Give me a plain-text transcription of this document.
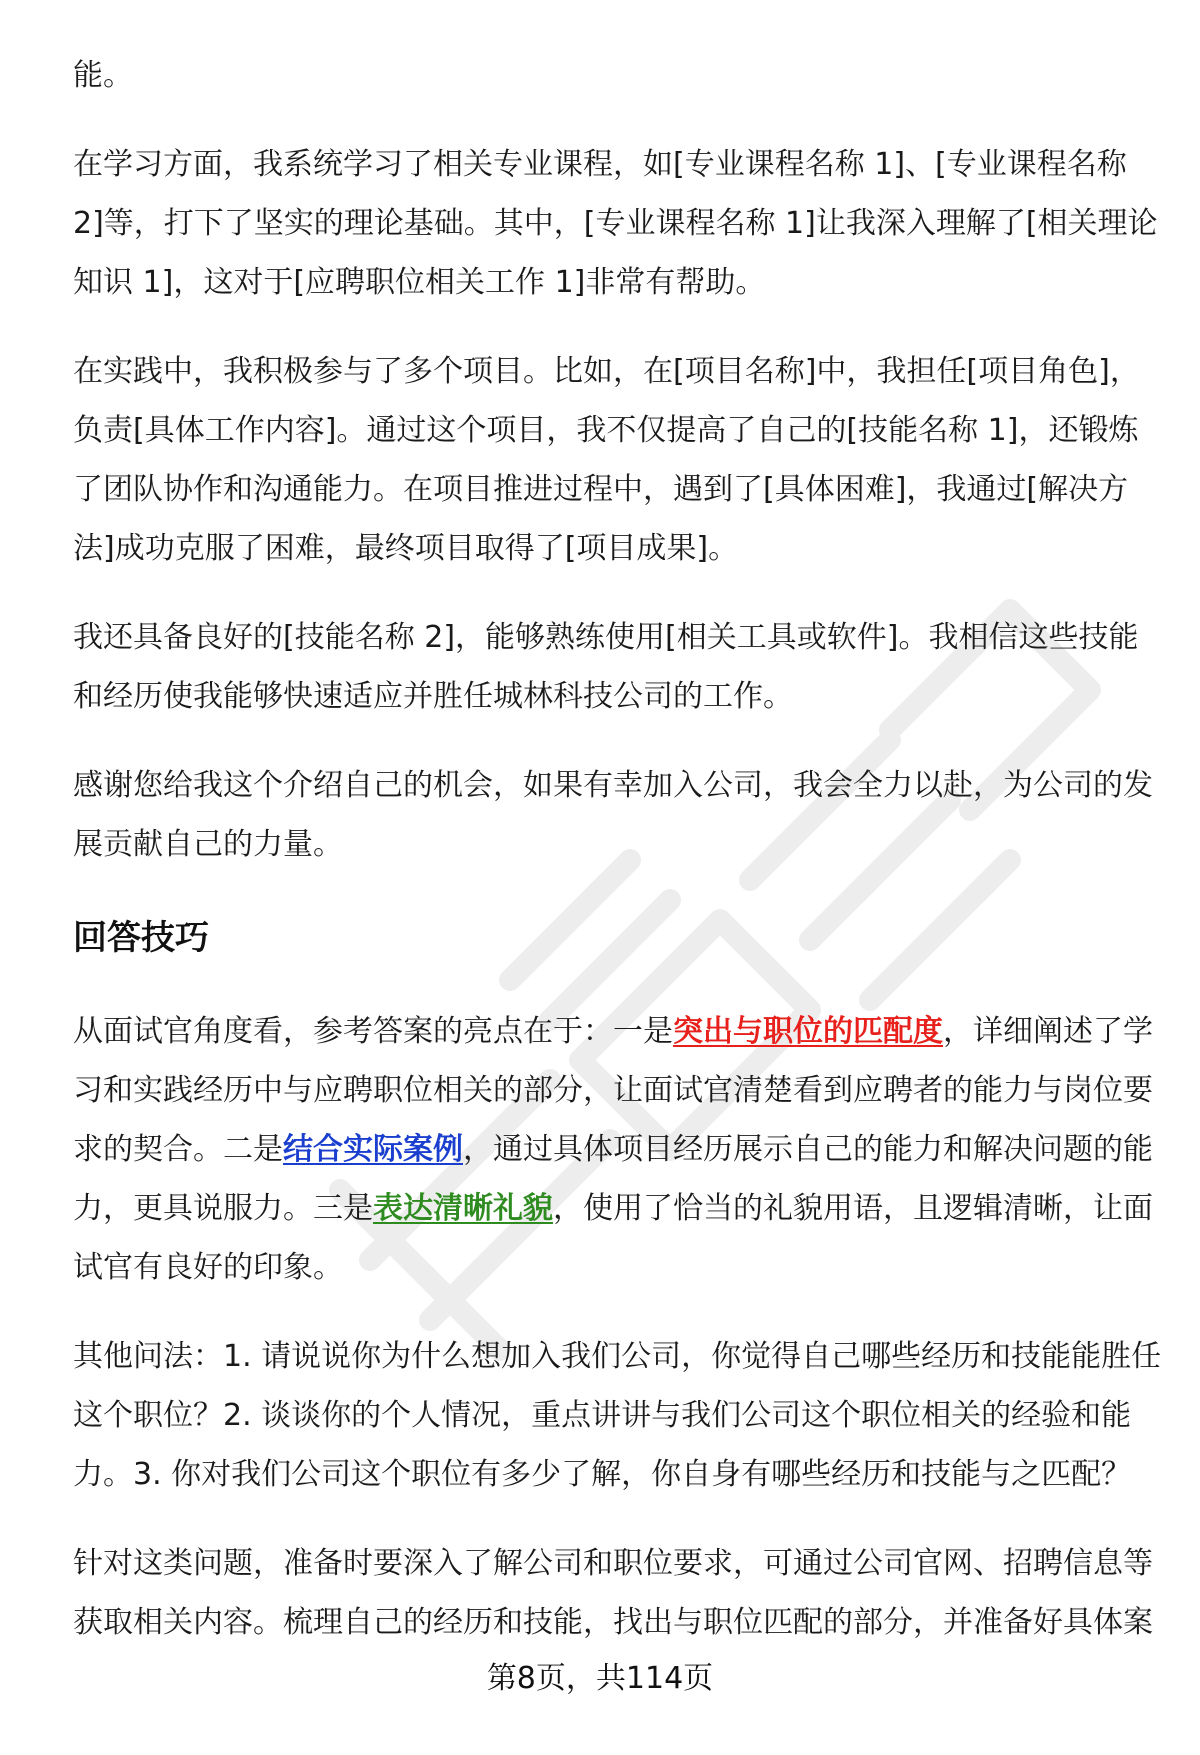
能。

在学习方面，我系统学习了相关专业课程，如[专业课程名称 1]、[专业课程名称 2]等，打下了坚实的理论基础。其中，[专业课程名称 1]让我深入理解了[相关理论知识 1]，这对于[应聘职位相关工作 1]非常有帮助。

在实践中，我积极参与了多个项目。比如，在[项目名称]中，我担任[项目角色]，负责[具体工作内容]。通过这个项目，我不仅提高了自己的[技能名称 1]，还锻炼了团队协作和沟通能力。在项目推进过程中，遇到了[具体困难]，我通过[解决方法]成功克服了困难，最终项目取得了[项目成果]。

我还具备良好的[技能名称 2]，能够熟练使用[相关工具或软件]。我相信这些技能和经历使我能够快速适应并胜任城林科技公司的工作。

感谢您给我这个介绍自己的机会，如果有幸加入公司，我会全力以赴，为公司的发展贡献自己的力量。

回答技巧

从面试官角度看，参考答案的亮点在于：一是突出与职位的匹配度，详细阐述了学习和实践经历中与应聘职位相关的部分，让面试官清楚看到应聘者的能力与岗位要求的契合。二是结合实际案例，通过具体项目经历展示自己的能力和解决问题的能力，更具说服力。三是表达清晰礼貌，使用了恰当的礼貌用语，且逻辑清晰，让面试官有良好的印象。

其他问法：1. 请说说你为什么想加入我们公司，你觉得自己哪些经历和技能能胜任这个职位？2. 谈谈你的个人情况，重点讲讲与我们公司这个职位相关的经验和能力。3. 你对我们公司这个职位有多少了解，你自身有哪些经历和技能与之匹配？

针对这类问题，准备时要深入了解公司和职位要求，可通过公司官网、招聘信息等获取相关内容。梳理自己的经历和技能，找出与职位匹配的部分，并准备好具体案

第8页，共114页
